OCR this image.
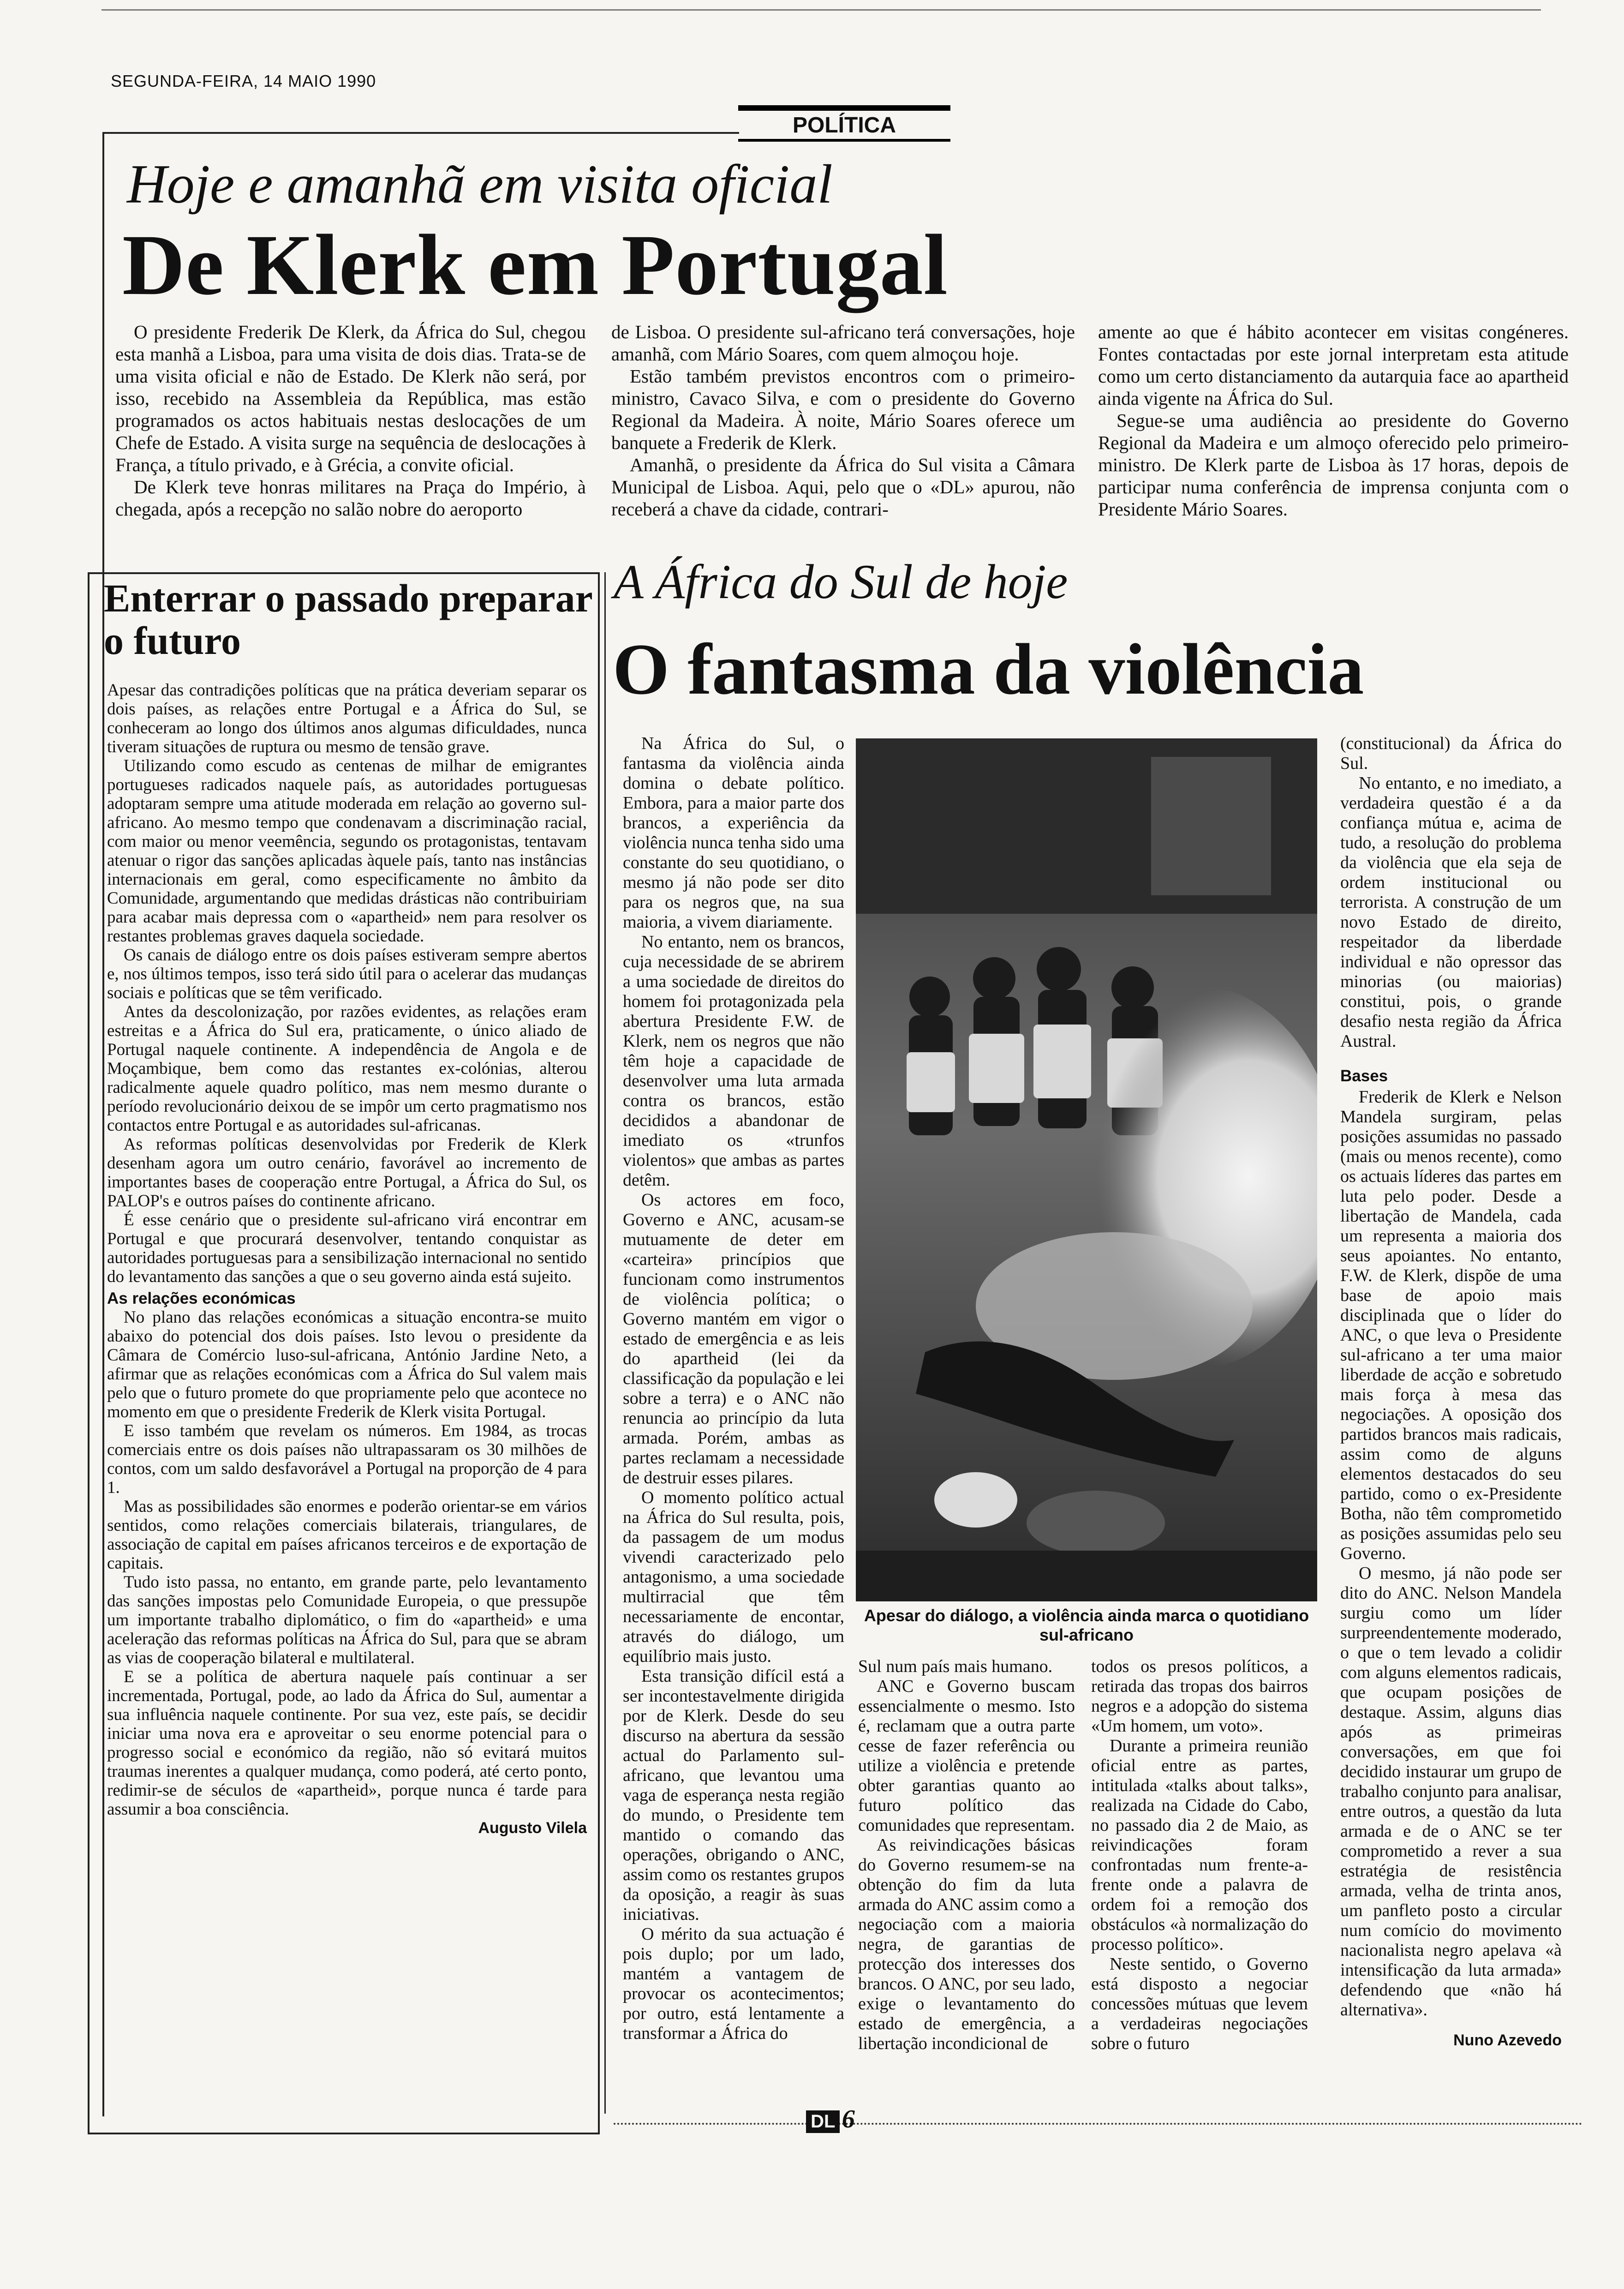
SEGUNDA-FEIRA, 14 MAIO 1990
POLÍTICA
Hoje e amanhã em visita oficial
De Klerk em Portugal

O presidente Frederik De Klerk, da África do Sul, chegou esta manhã a Lisboa, para uma visita de dois dias. Trata-se de uma visita oficial e não de Estado. De Klerk não será, por isso, recebido na Assembleia da República, mas estão programados os actos habituais nestas deslocações de um Chefe de Estado. A visita surge na sequência de deslocações à França, a título privado, e à Grécia, a convite oficial.

De Klerk teve honras militares na Praça do Império, à chegada, após a recepção no salão nobre do aeroporto

de Lisboa. O presidente sul-africano terá conversações, hoje amanhã, com Mário Soares, com quem almoçou hoje.

Estão também previstos encontros com o primeiro-ministro, Cavaco Silva, e com o presidente do Governo Regional da Madeira. À noite, Mário Soares oferece um banquete a Frederik de Klerk.

Amanhã, o presidente da África do Sul visita a Câmara Municipal de Lisboa. Aqui, pelo que o «DL» apurou, não receberá a chave da cidade, contrari-

amente ao que é hábito acontecer em visitas congéneres. Fontes contactadas por este jornal interpretam esta atitude como um certo distanciamento da autarquia face ao apartheid ainda vigente na África do Sul.

Segue-se uma audiência ao presidente do Governo Regional da Madeira e um almoço oferecido pelo primeiro-ministro. De Klerk parte de Lisboa às 17 horas, depois de participar numa conferência de imprensa conjunta com o Presidente Mário Soares.

Enterrar o passado preparar o futuro

Apesar das contradições políticas que na prática deveriam separar os dois países, as relações entre Portugal e a África do Sul, se conheceram ao longo dos últimos anos algumas dificuldades, nunca tiveram situações de ruptura ou mesmo de tensão grave.

Utilizando como escudo as centenas de milhar de emigrantes portugueses radicados naquele país, as autoridades portuguesas adoptaram sempre uma atitude moderada em relação ao governo sul-africano. Ao mesmo tempo que condenavam a discriminação racial, com maior ou menor veemência, segundo os protagonistas, tentavam atenuar o rigor das sanções aplicadas àquele país, tanto nas instâncias internacionais em geral, como especificamente no âmbito da Comunidade, argumentando que medidas drásticas não contribuiriam para acabar mais depressa com o «apartheid» nem para resolver os restantes problemas graves daquela sociedade.

Os canais de diálogo entre os dois países estiveram sempre abertos e, nos últimos tempos, isso terá sido útil para o acelerar das mudanças sociais e políticas que se têm verificado.

Antes da descolonização, por razões evidentes, as relações eram estreitas e a África do Sul era, praticamente, o único aliado de Portugal naquele continente. A independência de Angola e de Moçambique, bem como das restantes ex-colónias, alterou radicalmente aquele quadro político, mas nem mesmo durante o período revolucionário deixou de se impôr um certo pragmatismo nos contactos entre Portugal e as autoridades sul-africanas.

As reformas políticas desenvolvidas por Frederik de Klerk desenham agora um outro cenário, favorável ao incremento de importantes bases de cooperação entre Portugal, a África do Sul, os PALOP's e outros países do continente africano.

É esse cenário que o presidente sul-africano virá encontrar em Portugal e que procurará desenvolver, tentando conquistar as autoridades portuguesas para a sensibilização internacional no sentido do levantamento das sanções a que o seu governo ainda está sujeito.

As relações económicas

No plano das relações económicas a situação encontra-se muito abaixo do potencial dos dois países. Isto levou o presidente da Câmara de Comércio luso-sul-africana, António Jardine Neto, a afirmar que as relações económicas com a África do Sul valem mais pelo que o futuro promete do que propriamente pelo que acontece no momento em que o presidente Frederik de Klerk visita Portugal.

E isso também que revelam os números. Em 1984, as trocas comerciais entre os dois países não ultrapassaram os 30 milhões de contos, com um saldo desfavorável a Portugal na proporção de 4 para 1.

Mas as possibilidades são enormes e poderão orientar-se em vários sentidos, como relações comerciais bilaterais, triangulares, de associação de capital em países africanos terceiros e de exportação de capitais.

Tudo isto passa, no entanto, em grande parte, pelo levantamento das sanções impostas pelo Comunidade Europeia, o que pressupõe um importante trabalho diplomático, o fim do «apartheid» e uma aceleração das reformas políticas na África do Sul, para que se abram as vias de cooperação bilateral e multilateral.

E se a política de abertura naquele país continuar a ser incrementada, Portugal, pode, ao lado da África do Sul, aumentar a sua influência naquele continente. Por sua vez, este país, se decidir iniciar uma nova era e aproveitar o seu enorme potencial para o progresso social e económico da região, não só evitará muitos traumas inerentes a qualquer mudança, como poderá, até certo ponto, redimir-se de séculos de «apartheid», porque nunca é tarde para assumir a boa consciência.

Augusto Vilela
A África do Sul de hoje
O fantasma da violência

Na África do Sul, o fantasma da violência ainda domina o debate político. Embora, para a maior parte dos brancos, a experiência da violência nunca tenha sido uma constante do seu quotidiano, o mesmo já não pode ser dito para os negros que, na sua maioria, a vivem diariamente.

No entanto, nem os brancos, cuja necessidade de se abrirem a uma sociedade de direitos do homem foi protagonizada pela abertura Presidente F.W. de Klerk, nem os negros que não têm hoje a capacidade de desenvolver uma luta armada contra os brancos, estão decididos a abandonar de imediato os «trunfos violentos» que ambas as partes detêm.

Os actores em foco, Governo e ANC, acusam-se mutuamente de deter em «carteira» princípios que funcionam como instrumentos de violência política; o Governo mantém em vigor o estado de emergência e as leis do apartheid (lei da classificação da população e lei sobre a terra) e o ANC não renuncia ao princípio da luta armada. Porém, ambas as partes reclamam a necessidade de destruir esses pilares.

O momento político actual na África do Sul resulta, pois, da passagem de um modus vivendi caracterizado pelo antagonismo, a uma sociedade multirracial que têm necessariamente de encontar, através do diálogo, um equilíbrio mais justo.

Esta transição difícil está a ser incontestavelmente dirigida por de Klerk. Desde do seu discurso na abertura da sessão actual do Parlamento sul-africano, que levantou uma vaga de esperança nesta região do mundo, o Presidente tem mantido o comando das operações, obrigando o ANC, assim como os restantes grupos da oposição, a reagir às suas iniciativas.

O mérito da sua actuação é pois duplo; por um lado, mantém a vantagem de provocar os acontecimentos; por outro, está lentamente a transformar a África do

Apesar do diálogo, a violência ainda marca o quotidiano sul-africano

Sul num país mais humano.

ANC e Governo buscam essencialmente o mesmo. Isto é, reclamam que a outra parte cesse de fazer referência ou utilize a violência e pretende obter garantias quanto ao futuro político das comunidades que representam.

As reivindicações básicas do Governo resumem-se na obtenção do fim da luta armada do ANC assim como a negociação com a maioria negra, de garantias de protecção dos interesses dos brancos. O ANC, por seu lado, exige o levantamento do estado de emergência, a libertação incondicional de

todos os presos políticos, a retirada das tropas dos bairros negros e a adopção do sistema «Um homem, um voto».

Durante a primeira reunião oficial entre as partes, intitulada «talks about talks», realizada na Cidade do Cabo, no passado dia 2 de Maio, as reivindicações foram confrontadas num frente-a-frente onde a palavra de ordem foi a remoção dos obstáculos «à normalização do processo político».

Neste sentido, o Governo está disposto a negociar concessões mútuas que levem a verdadeiras negociações sobre o futuro

(constitucional) da África do Sul.

No entanto, e no imediato, a verdadeira questão é a da confiança mútua e, acima de tudo, a resolução do problema da violência que ela seja de ordem institucional ou terrorista. A construção de um novo Estado de direito, respeitador da liberdade individual e não opressor das minorias (ou maiorias) constitui, pois, o grande desafio nesta região da África Austral.

Bases

Frederik de Klerk e Nelson Mandela surgiram, pelas posições assumidas no passado (mais ou menos recente), como os actuais líderes das partes em luta pelo poder. Desde a libertação de Mandela, cada um representa a maioria dos seus apoiantes. No entanto, F.W. de Klerk, dispõe de uma base de apoio mais disciplinada que o líder do ANC, o que leva o Presidente sul-africano a ter uma maior liberdade de acção e sobretudo mais força à mesa das negociações. A oposição dos partidos brancos mais radicais, assim como de alguns elementos destacados do seu partido, como o ex-Presidente Botha, não têm comprometido as posições assumidas pelo seu Governo.

O mesmo, já não pode ser dito do ANC. Nelson Mandela surgiu como um líder surpreendentemente moderado, o que o tem levado a colidir com alguns elementos radicais, que ocupam posições de destaque. Assim, alguns dias após as primeiras conversações, em que foi decidido instaurar um grupo de trabalho conjunto para analisar, entre outros, a questão da luta armada e de o ANC se ter comprometido a rever a sua estratégia de resistência armada, velha de trinta anos, um panfleto posto a circular num comício do movimento nacionalista negro apelava «à intensificação da luta armada» defendendo que «não há alternativa».

Nuno Azevedo
DL 6
